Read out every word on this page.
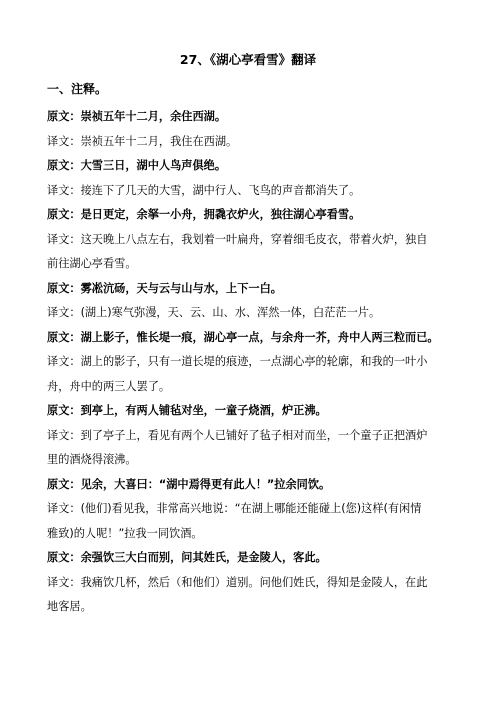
27、《湖心亭看雪》翻译
一、注释。
原文：崇祯五年十二月，余住西湖。
译文：崇祯五年十二月，我住在西湖。
原文：大雪三日，湖中人鸟声俱绝。
译文：接连下了几天的大雪，湖中行人、飞鸟的声音都消失了。
原文：是日更定，余拏一小舟，拥毳衣炉火，独往湖心亭看雪。
译文：这天晚上八点左右，我划着一叶扁舟，穿着细毛皮衣，带着火炉，独自
前往湖心亭看雪。
原文：雾凇沆砀，天与云与山与水，上下一白。
译文：(湖上)寒气弥漫，天、云、山、水、浑然一体，白茫茫一片。
原文：湖上影子，惟长堤一痕，湖心亭一点，与余舟一芥，舟中人两三粒而已。
译文：湖上的影子，只有一道长堤的痕迹，一点湖心亭的轮廓，和我的一叶小
舟，舟中的两三人罢了。
原文：到亭上，有两人铺毡对坐，一童子烧酒，炉正沸。
译文：到了亭子上，看见有两个人已铺好了毡子相对而坐，一个童子正把酒炉
里的酒烧得滚沸。
原文：见余，大喜曰：“湖中焉得更有此人！”拉余同饮。
译文：(他们)看见我，非常高兴地说：“在湖上哪能还能碰上(您)这样(有闲情
雅致)的人呢！”拉我一同饮酒。
原文：余强饮三大白而别，问其姓氏，是金陵人，客此。
译文：我痛饮几杯，然后（和他们）道别。问他们姓氏，得知是金陵人，在此
地客居。
